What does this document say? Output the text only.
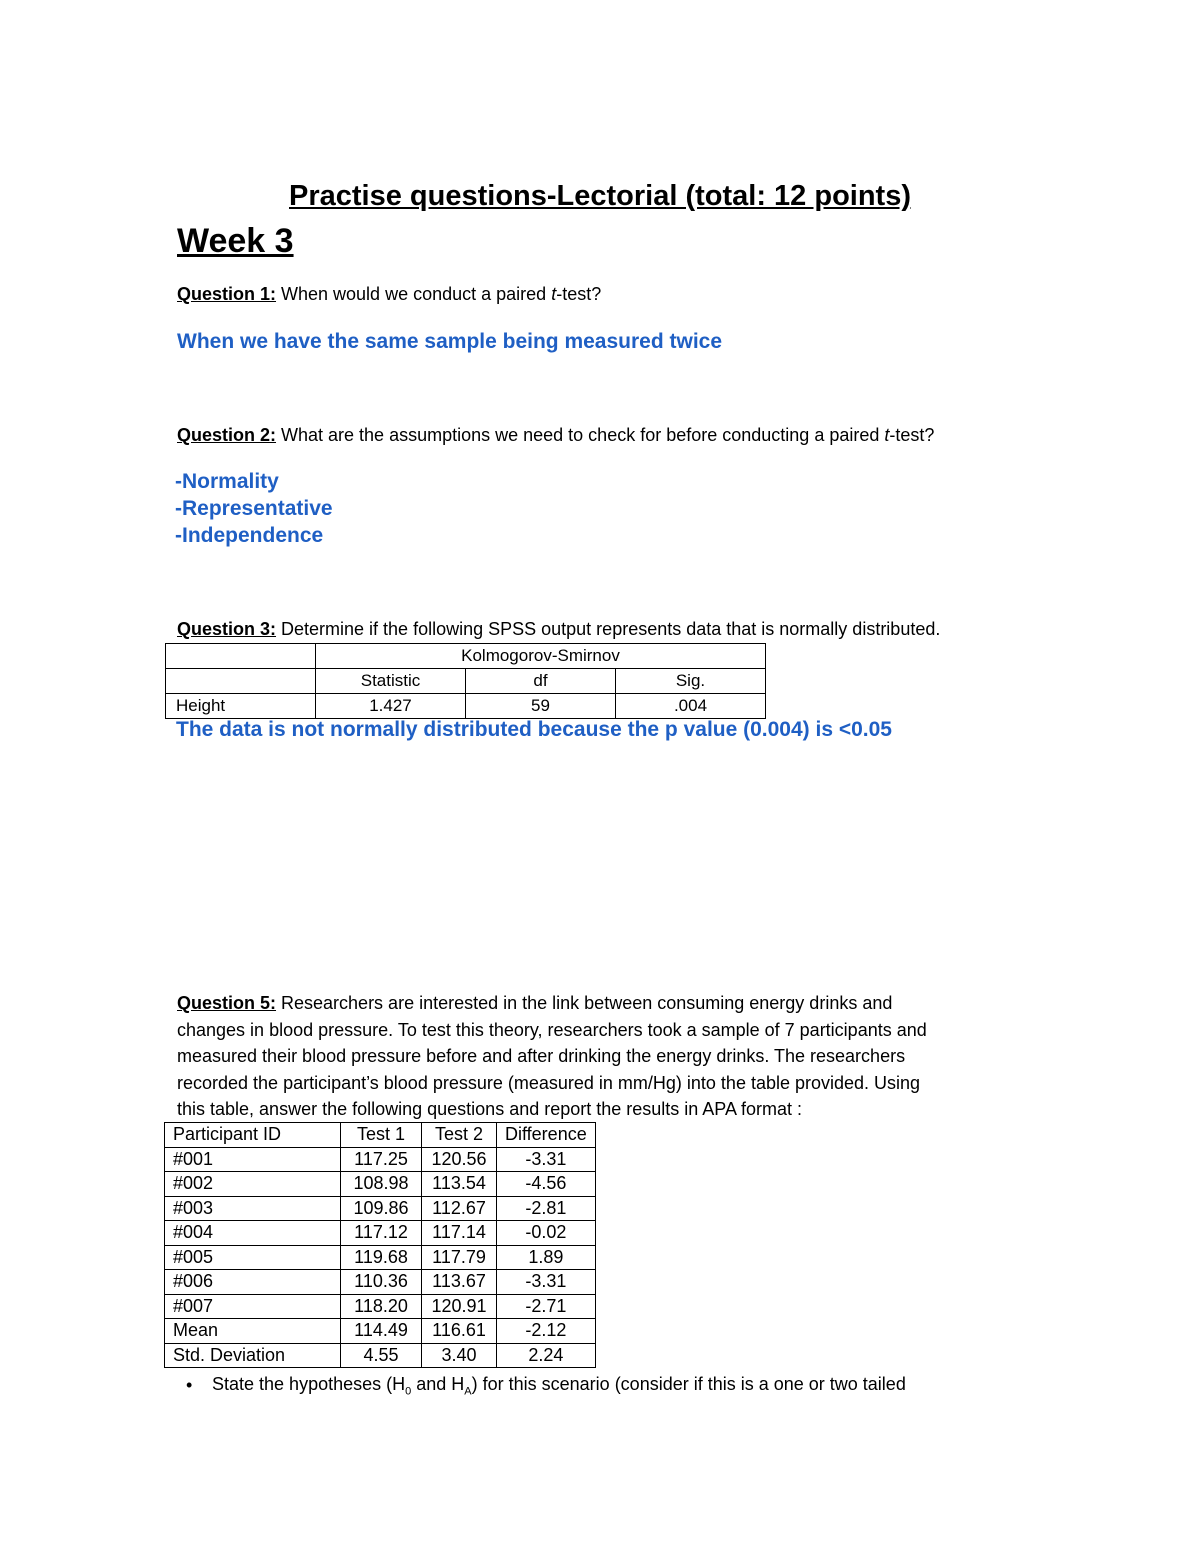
Practise questions-Lectorial (total: 12 points)
Week 3
Question 1: When would we conduct a paired t-test?
When we have the same sample being measured twice
Question 2: What are the assumptions we need to check for before conducting a paired t-test?
-Normality
-Representative
-Independence
Question 3: Determine if the following SPSS output represents data that is normally distributed.
	Kolmogorov-Smirnov		
	Statistic	df	Sig.
Height	1.427	59	.004
The data is not normally distributed because the p value (0.004) is <0.05

Question 5: Researchers are interested in the link between consuming energy drinks and

changes in blood pressure. To test this theory, researchers took a sample of 7 participants and

measured their blood pressure before and after drinking the energy drinks. The researchers

recorded the participant’s blood pressure (measured in mm/Hg) into the table provided. Using

this table, answer the following questions and report the results in APA format :

Participant ID	Test 1	Test 2	Difference
#001	117.25	120.56	-3.31
#002	108.98	113.54	-4.56
#003	109.86	112.67	-2.81
#004	117.12	117.14	-0.02
#005	119.68	117.79	1.89
#006	110.36	113.67	-3.31
#007	118.20	120.91	-2.71
Mean	114.49	116.61	-2.12
Std. Deviation	4.55	3.40	2.24
• State the hypotheses ($H_0$ and $H_A$) for this scenario (consider if this is a one or two tailed
